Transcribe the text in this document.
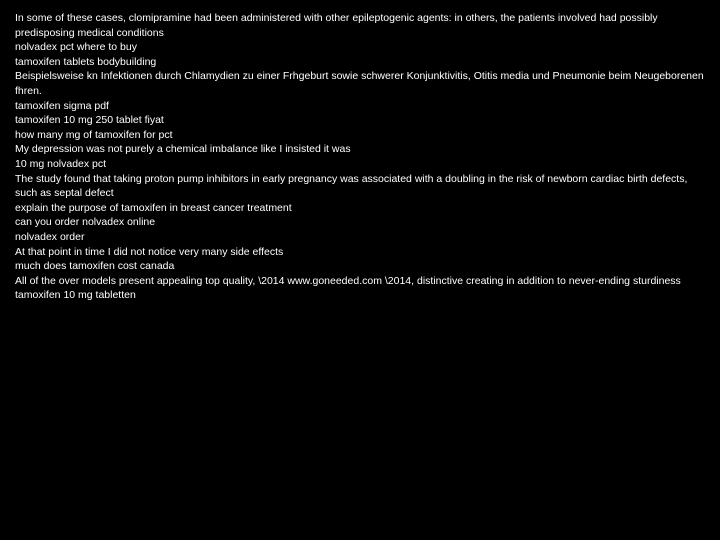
In some of these cases, clomipramine had been administered with other epileptogenic agents: in others, the patients involved had possibly predisposing medical conditions
nolvadex pct where to buy
tamoxifen tablets bodybuilding
Beispielsweise kn Infektionen durch Chlamydien zu einer Frhgeburt sowie schwerer Konjunktivitis, Otitis media und Pneumonie beim Neugeborenen fhren.
tamoxifen sigma pdf
tamoxifen 10 mg 250 tablet fiyat
how many mg of tamoxifen for pct
My depression was not purely a chemical imbalance like I insisted it was
10 mg nolvadex pct
The study found that taking proton pump inhibitors in early pregnancy was associated with a doubling in the risk of newborn cardiac birth defects, such as septal defect
explain the purpose of tamoxifen in breast cancer treatment
can you order nolvadex online
nolvadex order
At that point in time I did not notice very many side effects
much does tamoxifen cost canada
All of the over models present appealing top quality, \2014 www.goneeded.com \2014, distinctive creating in addition to never-ending sturdiness
tamoxifen 10 mg tabletten
